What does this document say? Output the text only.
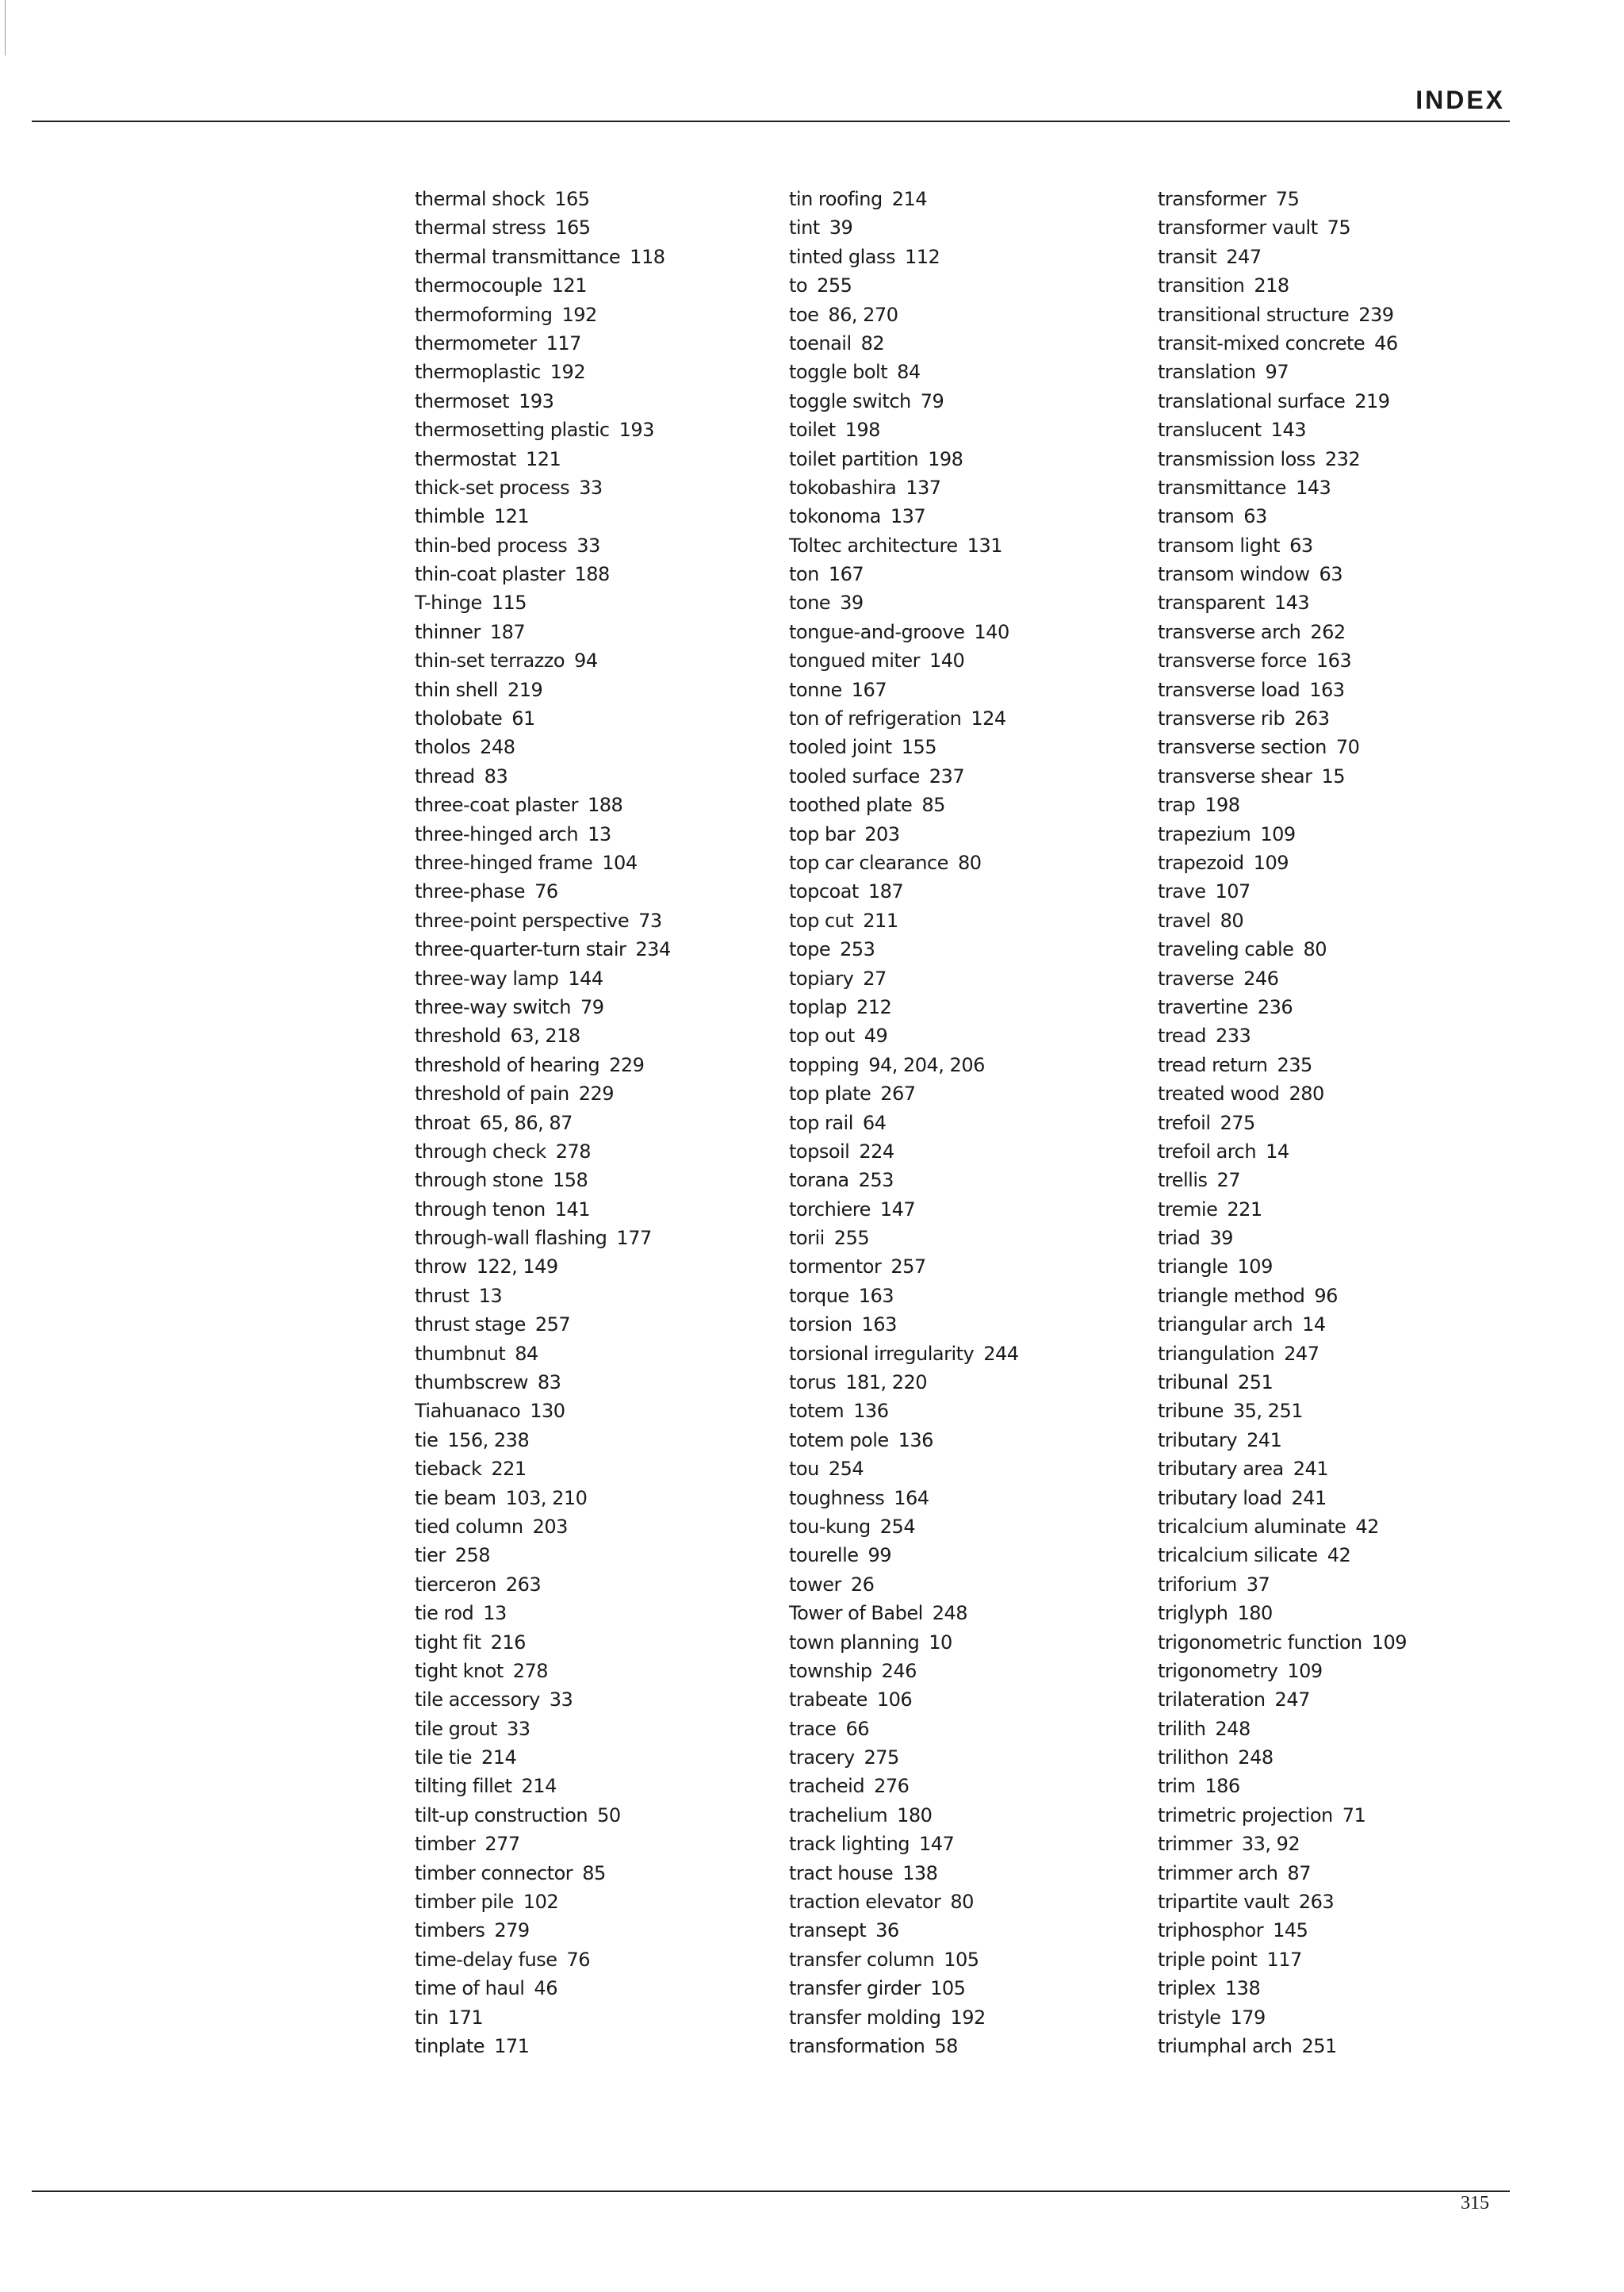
INDEX
thermal shock 165
thermal stress 165
thermal transmittance 118
thermocouple 121
thermoforming 192
thermometer 117
thermoplastic 192
thermoset 193
thermosetting plastic 193
thermostat 121
thick-set process 33
thimble 121
thin-bed process 33
thin-coat plaster 188
T-hinge 115
thinner 187
thin-set terrazzo 94
thin shell 219
tholobate 61
tholos 248
thread 83
three-coat plaster 188
three-hinged arch 13
three-hinged frame 104
three-phase 76
three-point perspective 73
three-quarter-turn stair 234
three-way lamp 144
three-way switch 79
threshold 63, 218
threshold of hearing 229
threshold of pain 229
throat 65, 86, 87
through check 278
through stone 158
through tenon 141
through-wall flashing 177
throw 122, 149
thrust 13
thrust stage 257
thumbnut 84
thumbscrew 83
Tiahuanaco 130
tie 156, 238
tieback 221
tie beam 103, 210
tied column 203
tier 258
tierceron 263
tie rod 13
tight fit 216
tight knot 278
tile accessory 33
tile grout 33
tile tie 214
tilting fillet 214
tilt-up construction 50
timber 277
timber connector 85
timber pile 102
timbers 279
time-delay fuse 76
time of haul 46
tin 171
tinplate 171
tin roofing 214
tint 39
tinted glass 112
to 255
toe 86, 270
toenail 82
toggle bolt 84
toggle switch 79
toilet 198
toilet partition 198
tokobashira 137
tokonoma 137
Toltec architecture 131
ton 167
tone 39
tongue-and-groove 140
tongued miter 140
tonne 167
ton of refrigeration 124
tooled joint 155
tooled surface 237
toothed plate 85
top bar 203
top car clearance 80
topcoat 187
top cut 211
tope 253
topiary 27
toplap 212
top out 49
topping 94, 204, 206
top plate 267
top rail 64
topsoil 224
torana 253
torchiere 147
torii 255
tormentor 257
torque 163
torsion 163
torsional irregularity 244
torus 181, 220
totem 136
totem pole 136
tou 254
toughness 164
tou-kung 254
tourelle 99
tower 26
Tower of Babel 248
town planning 10
township 246
trabeate 106
trace 66
tracery 275
tracheid 276
trachelium 180
track lighting 147
tract house 138
traction elevator 80
transept 36
transfer column 105
transfer girder 105
transfer molding 192
transformation 58
transformer 75
transformer vault 75
transit 247
transition 218
transitional structure 239
transit-mixed concrete 46
translation 97
translational surface 219
translucent 143
transmission loss 232
transmittance 143
transom 63
transom light 63
transom window 63
transparent 143
transverse arch 262
transverse force 163
transverse load 163
transverse rib 263
transverse section 70
transverse shear 15
trap 198
trapezium 109
trapezoid 109
trave 107
travel 80
traveling cable 80
traverse 246
travertine 236
tread 233
tread return 235
treated wood 280
trefoil 275
trefoil arch 14
trellis 27
tremie 221
triad 39
triangle 109
triangle method 96
triangular arch 14
triangulation 247
tribunal 251
tribune 35, 251
tributary 241
tributary area 241
tributary load 241
tricalcium aluminate 42
tricalcium silicate 42
triforium 37
triglyph 180
trigonometric function 109
trigonometry 109
trilateration 247
trilith 248
trilithon 248
trim 186
trimetric projection 71
trimmer 33, 92
trimmer arch 87
tripartite vault 263
triphosphor 145
triple point 117
triplex 138
tristyle 179
triumphal arch 251
315
